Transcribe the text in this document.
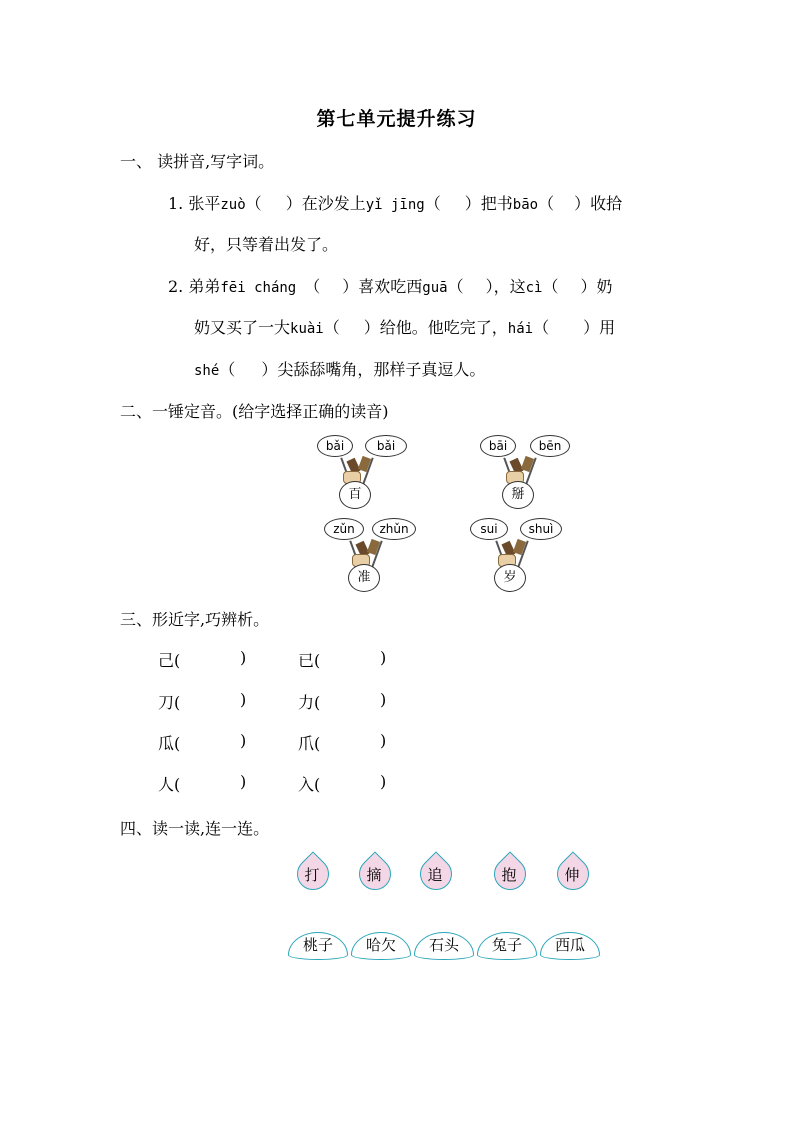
第七单元提升练习
一、 读拼音,写字词。
1. 张平zuò（ ）在沙发上yǐ jīng（ ）把书bāo（ ）收拾
好，只等着出发了。
2. 弟弟fēi cháng （ ）喜欢吃西guā（ ），这cì（ ）奶
奶又买了一大kuài（ ）给他。他吃完了，hái（ ）用
shé（ ）尖舔舔嘴角，那样子真逗人。
二、一锤定音。(给字选择正确的读音)
bǎi	bǎi
百
bāi	bēn
掰
zǔn	zhǔn
准
sui	shuì
岁
三、形近字,巧辨析。
己(	)	已(	)
刀(	)	力(	)
瓜(	)	爪(	)
人(	)	入(	)
四、读一读,连一连。
打	摘	追	抱	伸
桃子	哈欠	石头	兔子	西瓜
